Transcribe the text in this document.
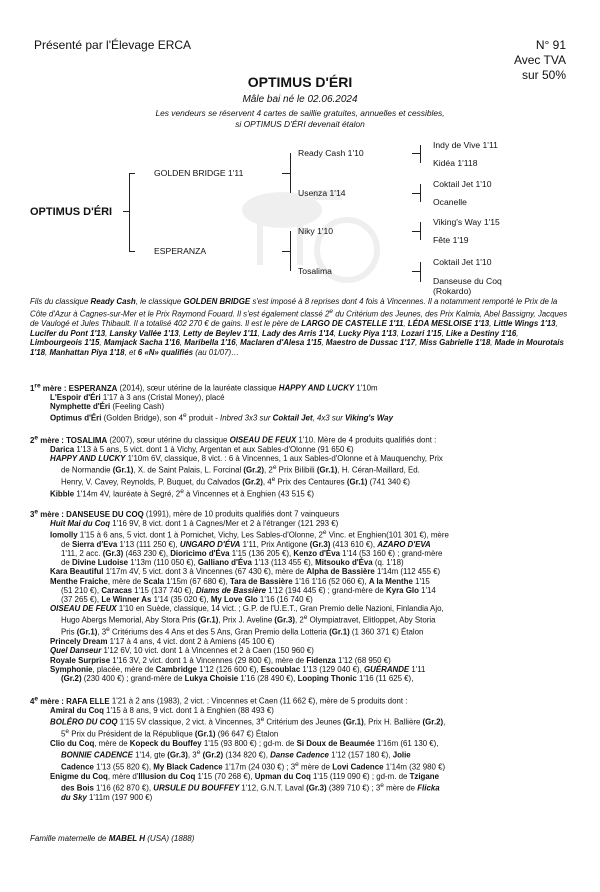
Présenté par l'Élevage ERCA	N° 91
Avec TVA
sur 50%
OPTIMUS D'ÉRI
Mâle bai né le 02.06.2024
Les vendeurs se réservent 4 cartes de saillie gratuites, annuelles et cessibles,
si OPTIMUS D'ÉRI devenait étalon
OPTIMUS D'ÉRI
GOLDEN BRIDGE 1'11
ESPERANZA
Ready Cash 1'10
Usenza 1'14
Niky 1'10
Tosalima
Indy de Vive 1'11
Kidéa 1'118
Coktail Jet 1'10
Ocanelle
Viking's Way 1'15
Fête 1'19
Coktail Jet 1'10
Danseuse du Coq
(Rokardo)
Fils du classique Ready Cash, le classique GOLDEN BRIDGE s'est imposé à 8 reprises dont 4 fois à Vincennes. Il a notamment remporté le Prix de la Côte d'Azur à Cagnes-sur-Mer et le Prix Raymond Fouard. Il s'est également classé 2e du Critérium des Jeunes, des Prix Kalmia, Abel Bassigny, Jacques de Vaulogé et Jules Thibault. Il a totalisé 402 270 € de gains. Il est le père de LARGO DE CASTELLE 1'11, LÉDA MESLOISE 1'13, Little Wings 1'13, Lucifer du Pont 1'13, Lansky Vallée 1'13, Letty de Beylev 1'11, Lady des Arris 1'14, Lucky Piya 1'13, Lozari 1'15, Like a Destiny 1'16, Limbourgeois 1'15, Mamjack Sacha 1'16, Maribella 1'16, Maclaren d'Alesa 1'15, Maestro de Dussac 1'17, Miss Gabrielle 1'18, Made in Mourotais 1'18, Manhattan Piya 1'18, et 6 «N» qualifiés (au 01/07)…
1re mère : ESPERANZA (2014), sœur utérine de la lauréate classique HAPPY AND LUCKY 1'10m

L'Espoir d'Éri 1'17 à 3 ans (Cristal Money), placé
Nymphette d'Éri (Feeling Cash)
Optimus d'Éri (Golden Bridge), son 4e produit - Inbred 3x3 sur Coktail Jet, 4x3 sur Viking's Way
2e mère : TOSALIMA (2007), sœur utérine du classique OISEAU DE FEUX 1'10. Mère de 4 produits qualifiés dont :

Darica 1'13 à 5 ans, 5 vict. dont 1 à Vichy, Argentan et aux Sables-d'Olonne (91 650 €)
HAPPY AND LUCKY 1'10m 6V, classique, 8 vict. : 6 à Vincennes, 1 aux Sables-d'Olonne et à Mauquenchy, Prix
de Normandie (Gr.1), X. de Saint Palais, L. Forcinal (Gr.2), 2e Prix Bilibili (Gr.1), H. Céran-Maillard, Ed.
Henry, V. Cavey, Reynolds, P. Buquet, du Calvados (Gr.2), 4e Prix des Centaures (Gr.1) (741 340 €)
Kibble 1'14m 4V, lauréate à Segré, 2e à Vincennes et à Enghien (43 515 €)
3e mère : DANSEUSE DU COQ (1991), mère de 10 produits qualifiés dont 7 vainqueurs

Huit Mai du Coq 1'16 9V, 8 vict. dont 1 à Cagnes/Mer et 2 à l'étranger (121 293 €)
Iomolly 1'15 à 6 ans, 5 vict. dont 1 à Pornichet, Vichy, Les Sables-d'Olonne, 2e Vinc. et Enghien(101 301 €), mère
de Sierra d'Eva 1'13 (111 250 €), UNGARO D'ÉVA 1'11, Prix Antigone (Gr.3) (413 610 €), AZARO D'EVA
1'11, 2 acc. (Gr.3) (463 230 €), Dioricimo d'Éva 1'15 (136 205 €), Kenzo d'Éva 1'14 (53 160 €) ; grand-mère
de Divine Ludoise 1'13m (110 050 €), Galliano d'Éva 1'13 (113 455 €), Mitsouko d'Éva (q. 1'18)
Kara Beautiful 1'17m 4V, 5 vict. dont 3 à Vincennes (67 430 €), mère de Alpha de Bassière 1'14m (112 455 €)
Menthe Fraiche, mère de Scala 1'15m (67 680 €), Tara de Bassière 1'16 1'16 (52 060 €), A la Menthe 1'15
(51 210 €), Caracas 1'15 (137 740 €), Diams de Bassière 1'12 (194 445 €) ; grand-mère de Kyra Glo 1'14
(37 265 €), Le Winner As 1'14 (35 020 €), My Love Glo 1'16 (16 740 €)
OISEAU DE FEUX 1'10 en Suède, classique, 14 vict. ; G.P. de l'U.E.T., Gran Premio delle Nazioni, Finlandia Ajo,
Hugo Abergs Memorial, Aby Stora Pris (Gr.1), Prix J. Aveline (Gr.3), 2e Olympiatravet, Elitloppet, Aby Storia
Pris (Gr.1), 3e Critériums des 4 Ans et des 5 Ans, Gran Premio della Lotteria (Gr.1) (1 360 371 €) Étalon
Princely Dream 1'17 à 4 ans, 4 vict. dont 2 à Amiens (45 100 €)
Quel Danseur 1'12 6V, 10 vict. dont 1 à Vincennes et 2 à Caen (150 960 €)
Royale Surprise 1'16 3V, 2 vict. dont 1 à Vincennes (29 800 €), mère de Fidenza 1'12 (68 950 €)
Symphonie, placée, mère de Cambridge 1'12 (126 600 €), Escoublac 1'13 (129 040 €), GUÉRANDE 1'11
(Gr.2) (230 400 €) ; grand-mère de Lukya Choisie 1'16 (28 490 €), Looping Thonic 1'16 (11 625 €),
4e mère : RAFA ELLE 1'21 à 2 ans (1983), 2 vict. : Vincennes et Caen (11 662 €), mère de 5 produits dont :

Amiral du Coq 1'15 à 8 ans, 9 vict. dont 1 à Enghien (88 493 €)
BOLÉRO DU COQ 1'15 5V classique, 2 vict. à Vincennes, 3e Critérium des Jeunes (Gr.1), Prix H. Ballière (Gr.2),
5e Prix du Président de la République (Gr.1) (96 647 €) Étalon
Clio du Coq, mère de Kopeck du Bouffey 1'15 (93 800 €) ; gd-m. de Si Doux de Beaumée 1'16m (61 130 €),
BONNIE CADENCE 1'14, gte (Gr.3), 3e (Gr.2) (134 820 €), Danse Cadence 1'12 (157 180 €), Jolie
Cadence 1'13 (55 820 €), My Black Cadence 1'17m (24 030 €) ; 3e mère de Lovi Cadence 1'14m (32 980 €)
Enigme du Coq, mère d'Illusion du Coq 1'15 (70 268 €), Upman du Coq 1'15 (119 090 €) ; gd-m. de Tzigane
des Bois 1'16 (62 870 €), URSULE DU BOUFFEY 1'12, G.N.T. Laval (Gr.3) (389 710 €) ; 3e mère de Flicka
du Sky 1'11m (197 900 €)
Famille maternelle de MABEL H (USA) (1888)
